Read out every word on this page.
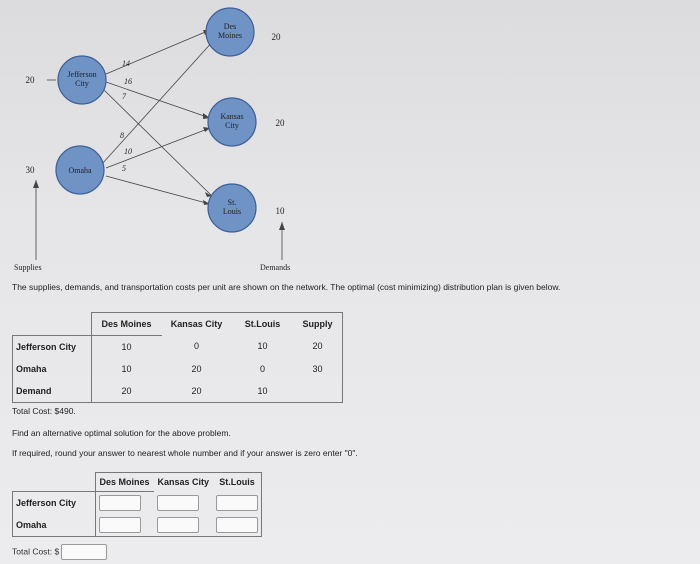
14
16
7
8
10
5
Jefferson
City
Omaha
Des
Moines
Kansas
City
St.
Louis
20
30
Supplies
20
20
10
Demands
The supplies, demands, and transportation costs per unit are shown on the network. The optimal (cost minimizing) distribution plan is given below.
	Des Moines	Kansas City	St.Louis	Supply
Jefferson City	10	0	10	20
Omaha	10	20	0	30
Demand	20	20	10	
Total Cost: $490.
Find an alternative optimal solution for the above problem.
If required, round your answer to nearest whole number and if your answer is zero enter "0".
	Des Moines	Kansas City	St.Louis
Jefferson City	

Omaha	

Total Cost: $
